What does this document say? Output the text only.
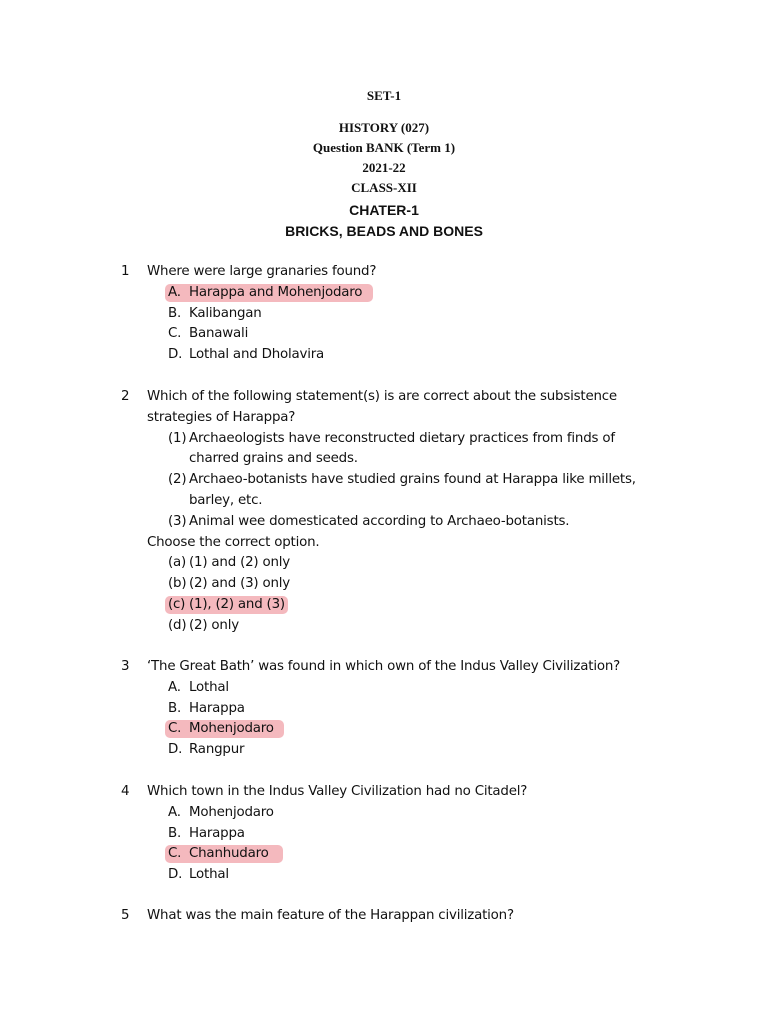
SET-1
HISTORY (027)
Question BANK (Term 1)
2021-22
CLASS-XII
CHATER-1
BRICKS, BEADS AND BONES
1 Where were large granaries found?
A. Harappa and Mohenjodaro
B. Kalibangan
C. Banawali
D. Lothal and Dholavira
2 Which of the following statement(s) is are correct about the subsistence
strategies of Harappa?
(1) Archaeologists have reconstructed dietary practices from finds of
charred grains and seeds.
(2) Archaeo-botanists have studied grains found at Harappa like millets,
barley, etc.
(3) Animal wee domesticated according to Archaeo-botanists.
Choose the correct option.
(a) (1) and (2) only
(b) (2) and (3) only
(c) (1), (2) and (3)
(d) (2) only
3 ‘The Great Bath’ was found in which own of the Indus Valley Civilization?
A. Lothal
B. Harappa
C. Mohenjodaro
D. Rangpur
4 Which town in the Indus Valley Civilization had no Citadel?
A. Mohenjodaro
B. Harappa
C. Chanhudaro
D. Lothal
5 What was the main feature of the Harappan civilization?
